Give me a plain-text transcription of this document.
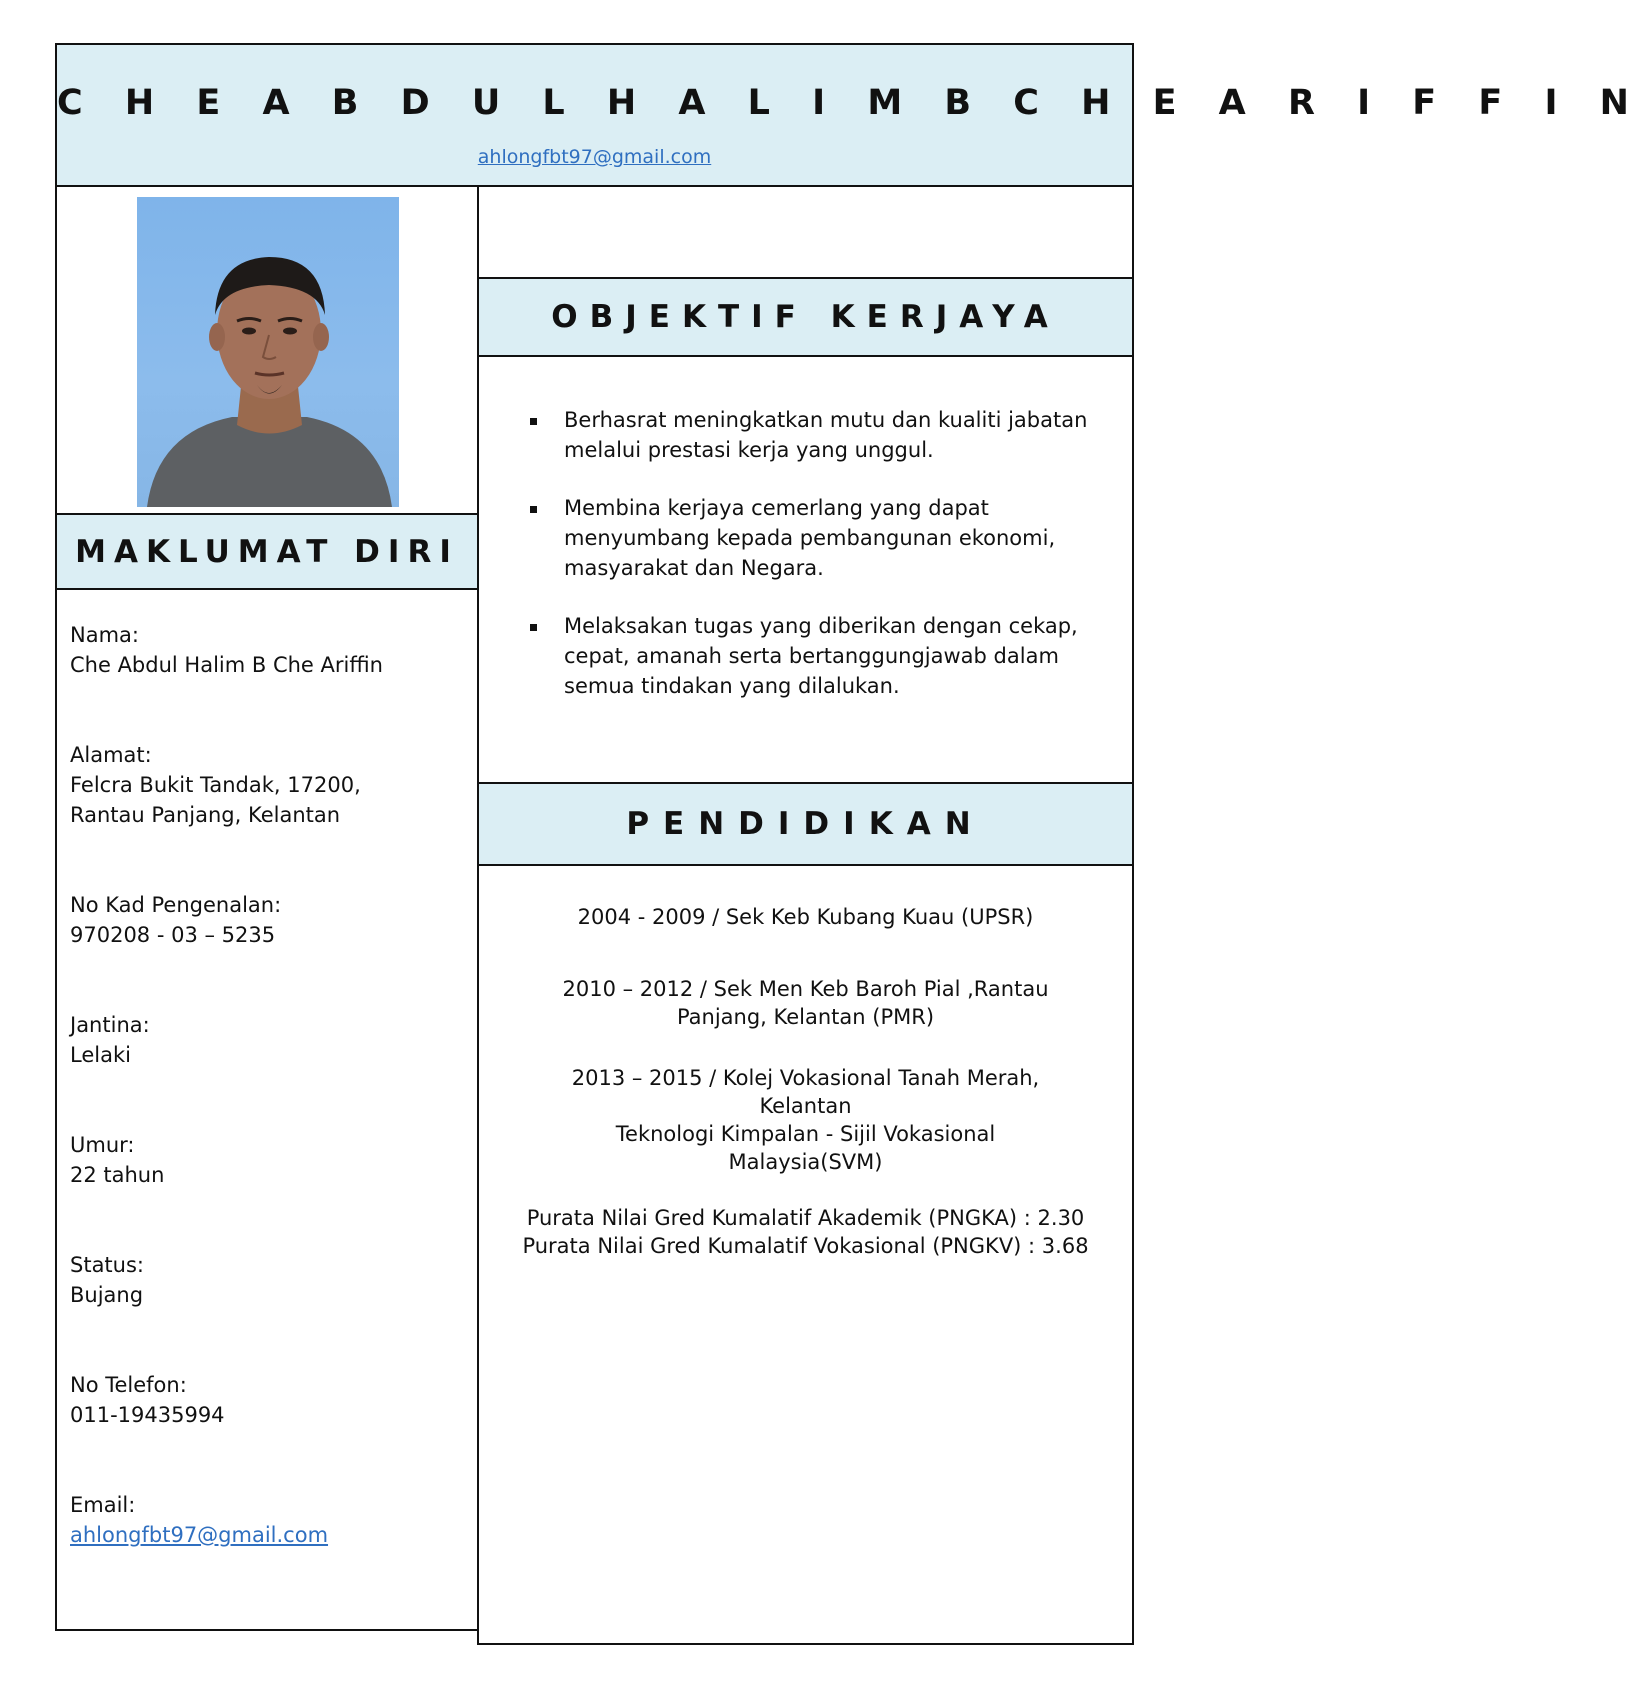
C H E A B D U L H A L I M B C H E A R I F F I N
ahlongfbt97@gmail.com
MAKLUMAT DIRI
Nama:
Che Abdul Halim B Che Ariffin
Alamat:
Felcra Bukit Tandak, 17200,
Rantau Panjang, Kelantan
No Kad Pengenalan:
970208 - 03 – 5235
Jantina:
Lelaki
Umur:
22 tahun
Status:
Bujang
No Telefon:
011-19435994
Email:
ahlongfbt97@gmail.com
OBJEKTIF KERJAYA
Berhasrat meningkatkan mutu dan kualiti jabatan melalui prestasi kerja yang unggul.
Membina kerjaya cemerlang yang dapat menyumbang kepada pembangunan ekonomi, masyarakat dan Negara.
Melaksakan tugas yang diberikan dengan cekap, cepat, amanah serta bertanggungjawab dalam semua tindakan yang dilalukan.
PENDIDIKAN
2004 - 2009 / Sek Keb Kubang Kuau (UPSR)
2010 – 2012 / Sek Men Keb Baroh Pial ,Rantau
Panjang, Kelantan (PMR)
2013 – 2015 / Kolej Vokasional Tanah Merah,
Kelantan
Teknologi Kimpalan - Sijil Vokasional
Malaysia(SVM)
Purata Nilai Gred Kumalatif Akademik (PNGKA) : 2.30
Purata Nilai Gred Kumalatif Vokasional (PNGKV) : 3.68
